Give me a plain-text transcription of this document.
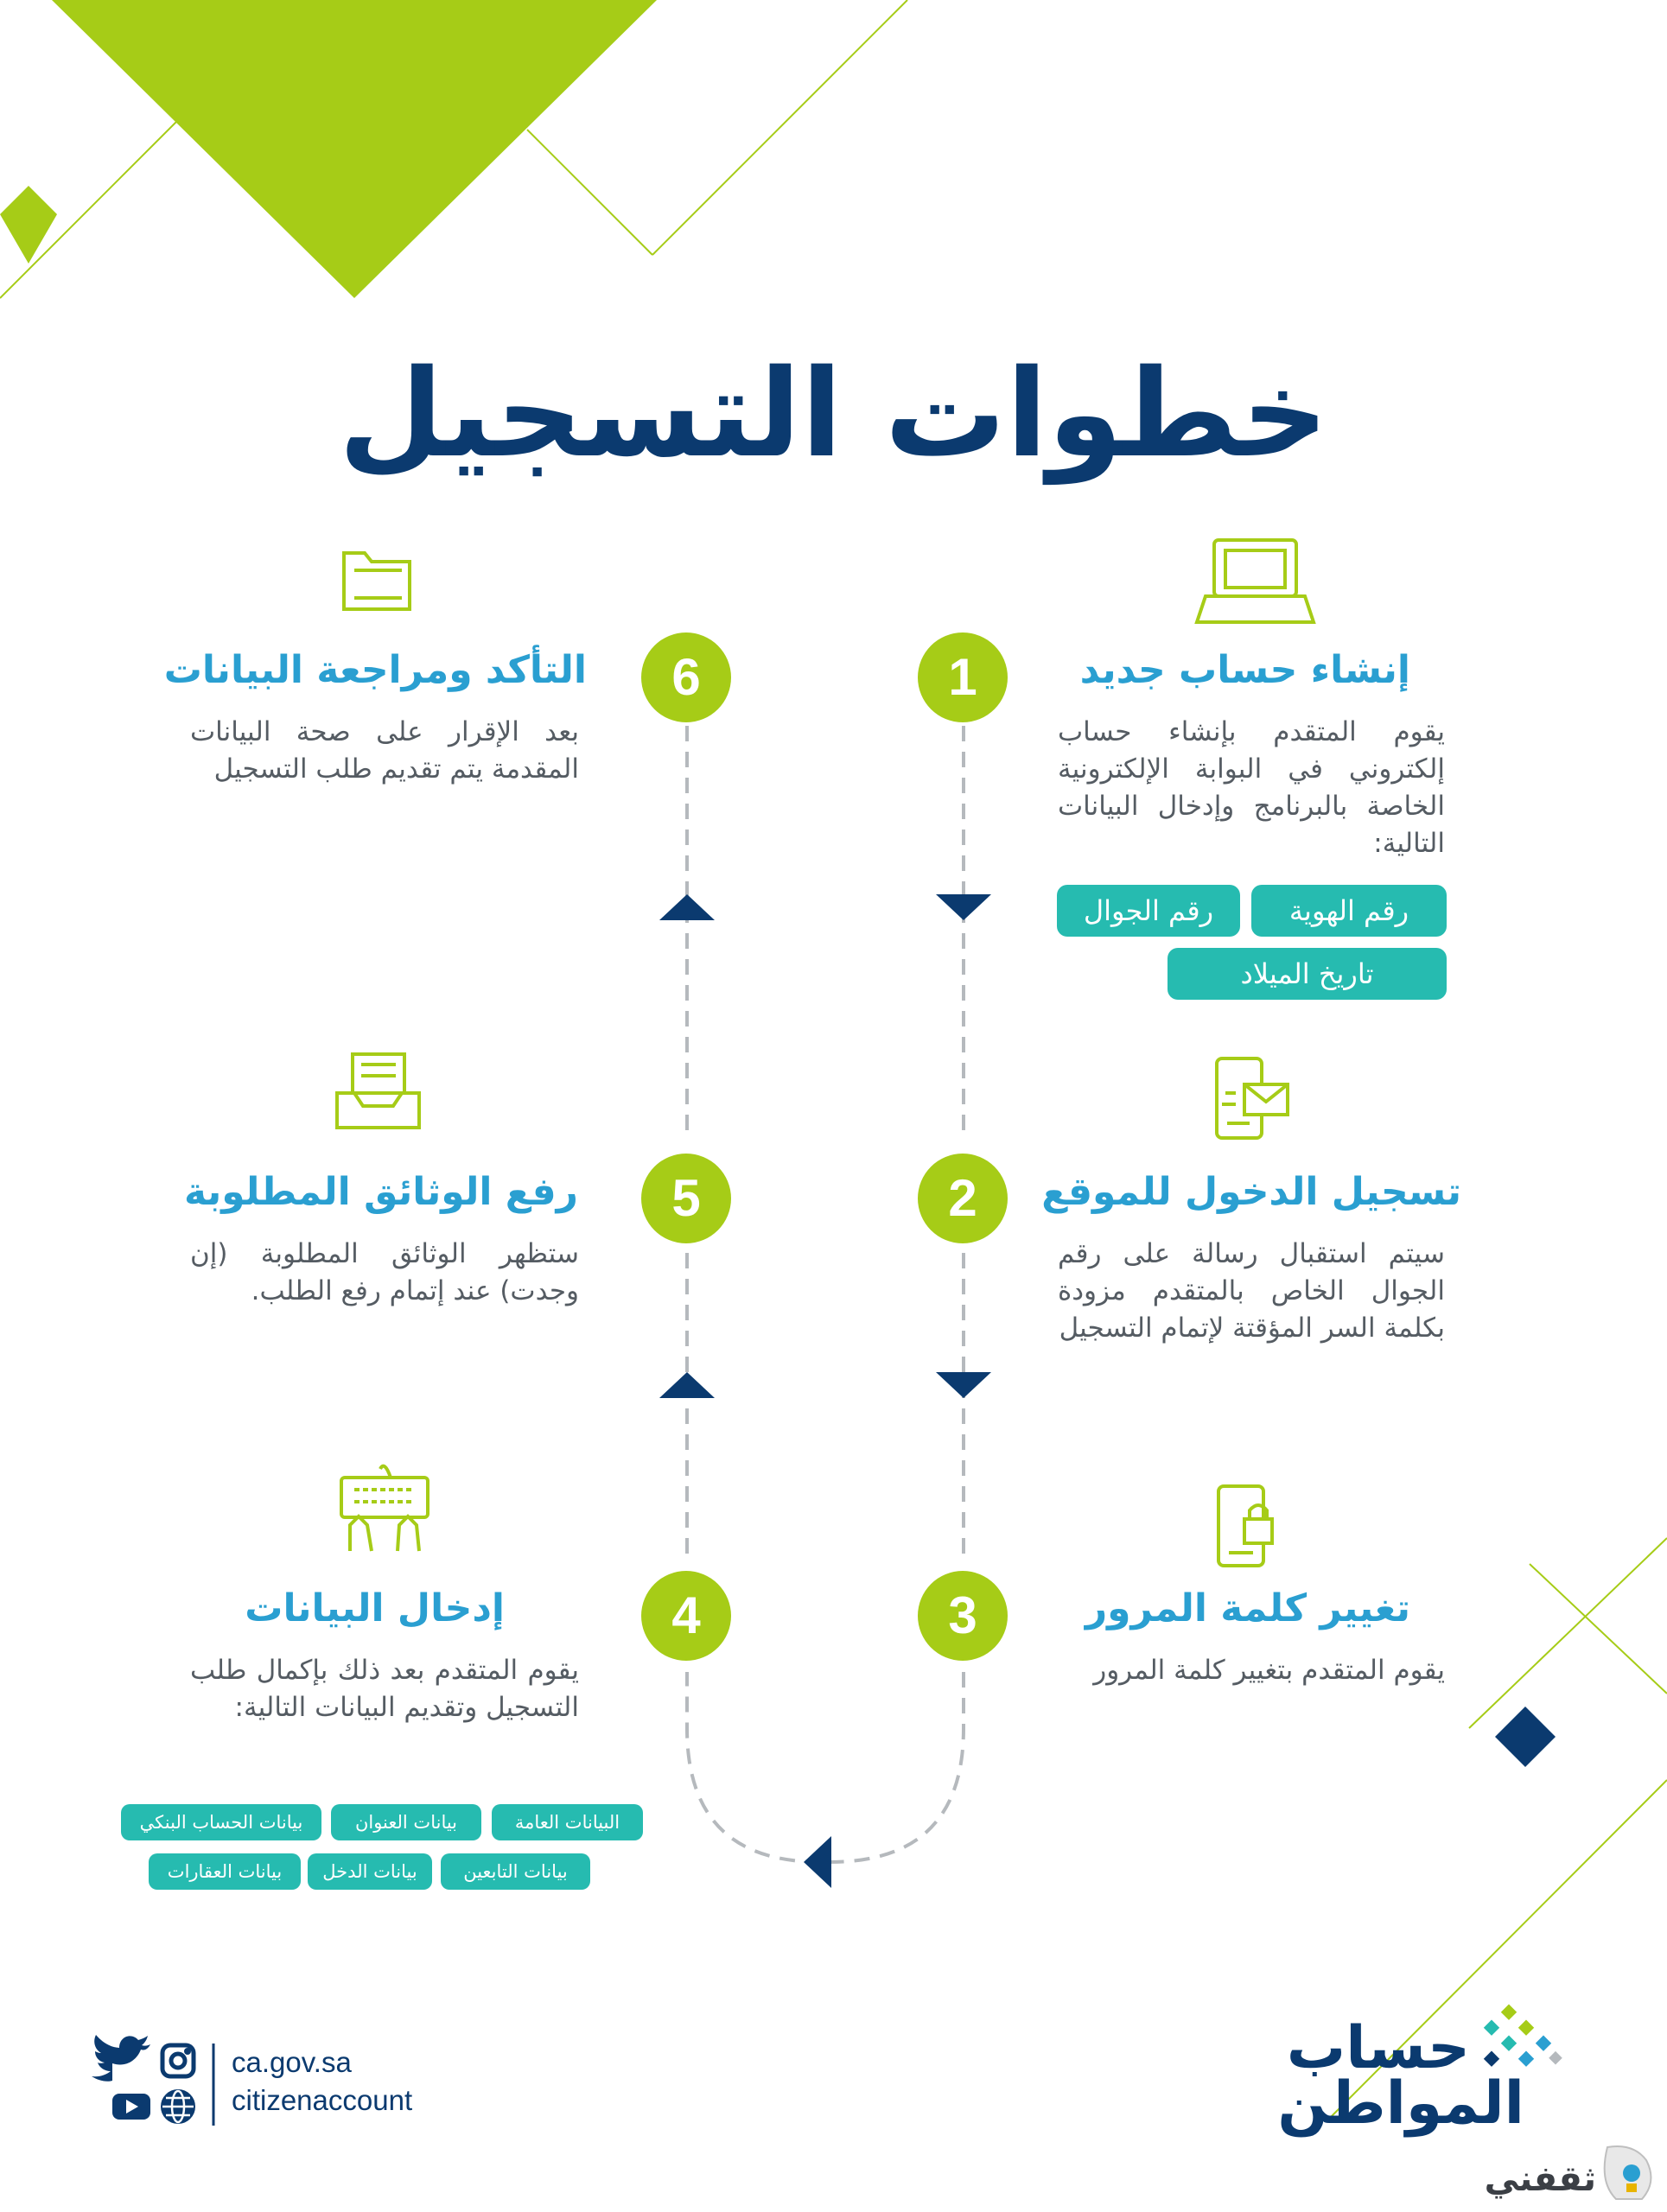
خطوات التسجيل
1	إنشاء حساب جديد
يقوم المتقدم بإنشاء حساب إلكتروني في البوابة الإلكترونية الخاصة بالبرنامج وإدخال البيانات التالية:
رقم الهوية
رقم الجوال
تاريخ الميلاد
2	تسجيل الدخول للموقع
سيتم استقبال رسالة على رقم الجوال الخاص بالمتقدم مزودة بكلمة السر المؤقتة لإتمام التسجيل
3	تغيير كلمة المرور
يقوم المتقدم بتغيير كلمة المرور
6
التأكد ومراجعة البيانات
بعد الإقرار على صحة البيانات المقدمة يتم تقديم طلب التسجيل
5
رفع الوثائق المطلوبة
ستظهر الوثائق المطلوبة (إن وجدت) عند إتمام رفع الطلب.
4
إدخال البيانات
يقوم المتقدم بعد ذلك بإكمال طلب التسجيل وتقديم البيانات التالية:
البيانات العامة
بيانات العنوان
بيانات الحساب البنكي
بيانات التابعين
بيانات الدخل
بيانات العقارات
ca.gov.sa
citizenaccount
حساب
المواطن
ثقفني
